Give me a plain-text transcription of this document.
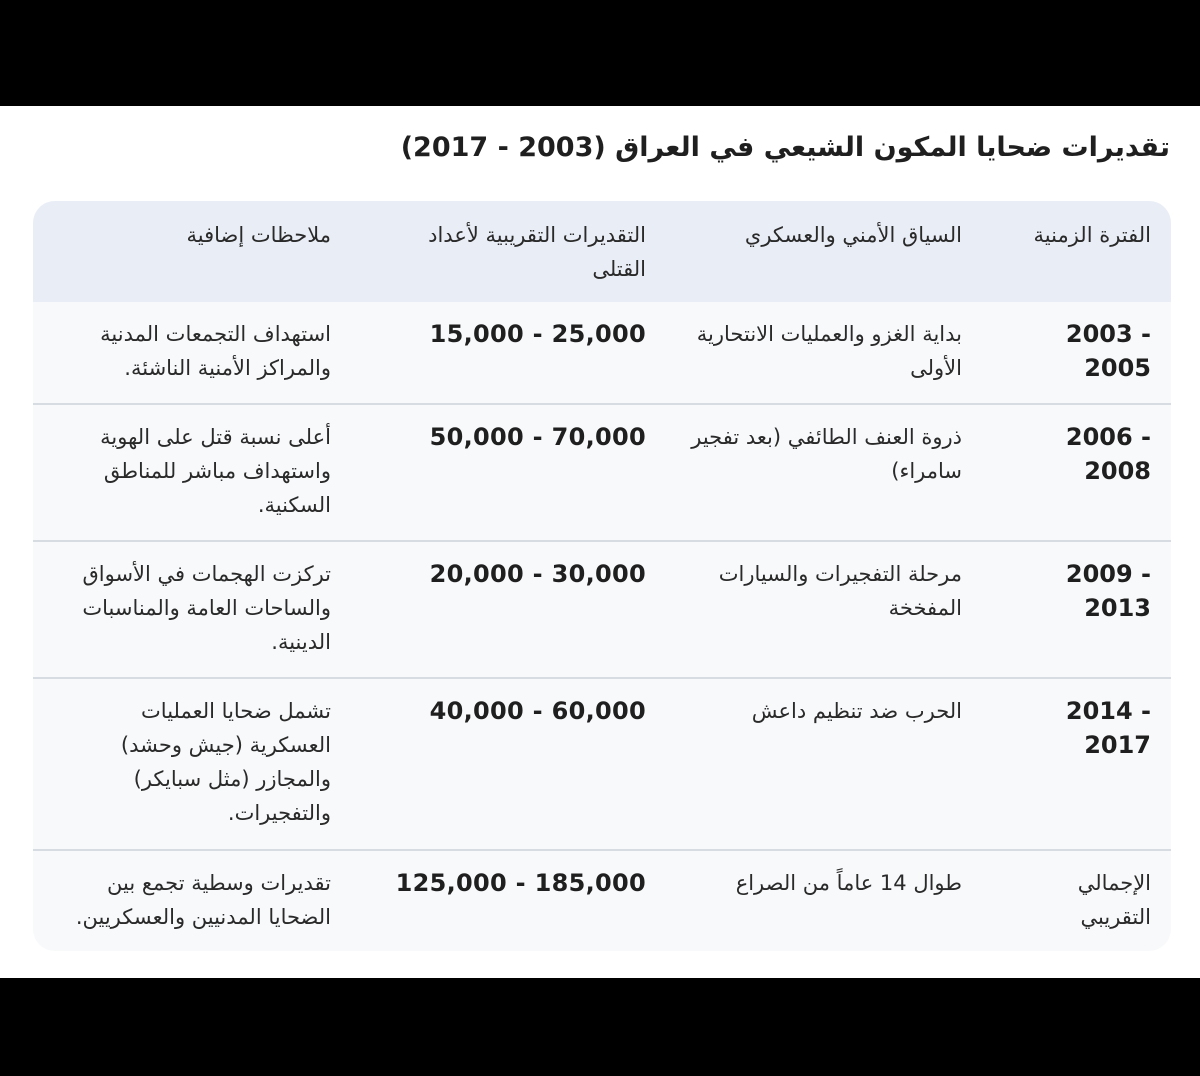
تقديرات ضحايا المكون الشيعي في العراق (2003 - 2017)
الفترة الزمنية	السياق الأمني والعسكري	التقديرات التقريبية لأعداد القتلى	ملاحظات إضافية
2003 - 2005	بداية الغزو والعمليات الانتحارية الأولى	15,000 - 25,000	استهداف التجمعات المدنية والمراكز الأمنية الناشئة.
2006 - 2008	ذروة العنف الطائفي (بعد تفجير سامراء)	50,000 - 70,000	أعلى نسبة قتل على الهوية واستهداف مباشر للمناطق السكنية.
2009 - 2013	مرحلة التفجيرات والسيارات المفخخة	20,000 - 30,000	تركزت الهجمات في الأسواق والساحات العامة والمناسبات الدينية.
2014 - 2017	الحرب ضد تنظيم داعش	40,000 - 60,000	تشمل ضحايا العمليات العسكرية (جيش وحشد) والمجازر (مثل سبايكر) والتفجيرات.
الإجمالي التقريبي	طوال 14 عاماً من الصراع	125,000 - 185,000	تقديرات وسطية تجمع بين الضحايا المدنيين والعسكريين.
